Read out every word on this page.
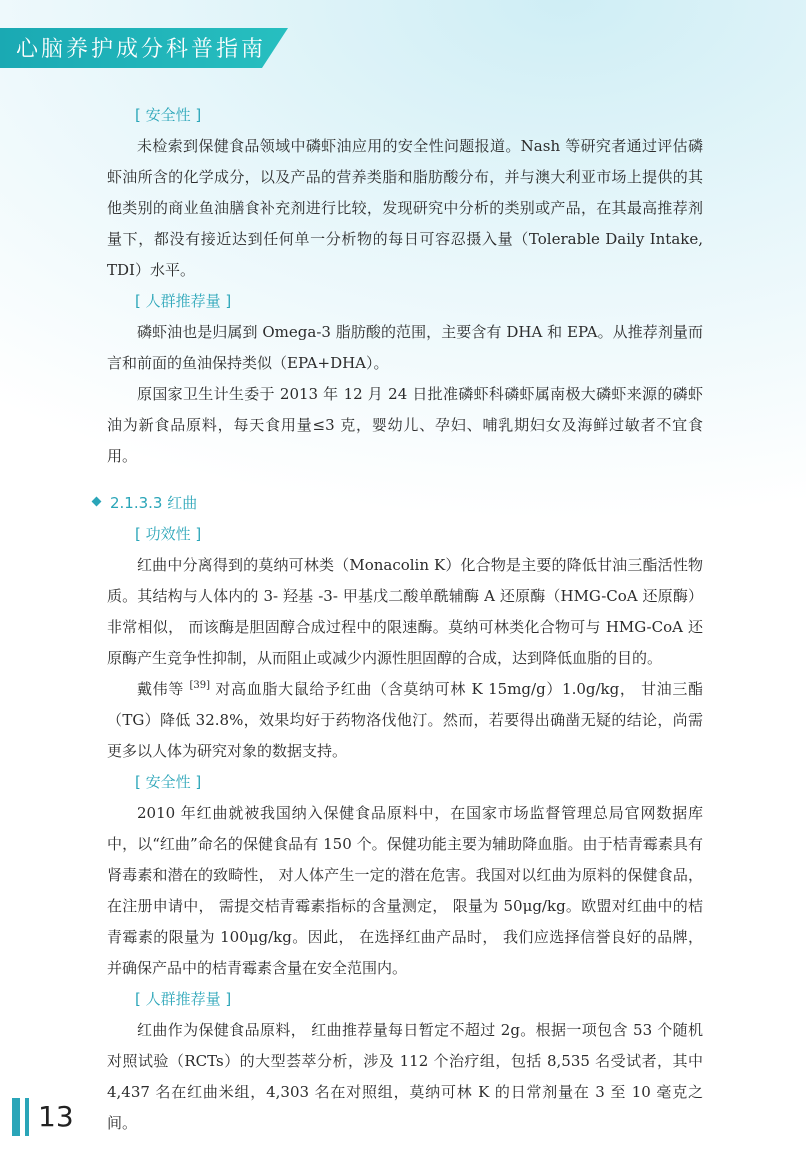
心脑养护成分科普指南
[ 安全性 ]

未检索到保健食品领域中磷虾油应用的安全性问题报道。Nash 等研究者通过评估磷虾油所含的化学成分，以及产品的营养类脂和脂肪酸分布，并与澳大利亚市场上提供的其他类别的商业鱼油膳食补充剂进行比较，发现研究中分析的类别或产品，在其最高推荐剂量下，都没有接近达到任何单一分析物的每日可容忍摄入量（Tolerable Daily Intake, TDI）水平。

[ 人群推荐量 ]

磷虾油也是归属到 Omega-3 脂肪酸的范围，主要含有 DHA 和 EPA。从推荐剂量而言和前面的鱼油保持类似（EPA+DHA）。

原国家卫生计生委于 2013 年 12 月 24 日批准磷虾科磷虾属南极大磷虾来源的磷虾油为新食品原料，每天食用量≤3 克，婴幼儿、孕妇、哺乳期妇女及海鲜过敏者不宜食用。

2.1.3.3 红曲
[ 功效性 ]

红曲中分离得到的莫纳可林类（Monacolin K）化合物是主要的降低甘油三酯活性物质。其结构与人体内的 3- 羟基 -3- 甲基戊二酸单酰辅酶 A 还原酶（HMG-CoA 还原酶）非常相似， 而该酶是胆固醇合成过程中的限速酶。莫纳可林类化合物可与 HMG-CoA 还原酶产生竞争性抑制，从而阻止或减少内源性胆固醇的合成，达到降低血脂的目的。

戴伟等 [39] 对高血脂大鼠给予红曲（含莫纳可林 K 15mg/g）1.0g/kg， 甘油三酯（TG）降低 32.8%，效果均好于药物洛伐他汀。然而，若要得出确凿无疑的结论，尚需更多以人体为研究对象的数据支持。

[ 安全性 ]

2010 年红曲就被我国纳入保健食品原料中，在国家市场监督管理总局官网数据库中，以“红曲”命名的保健食品有 150 个。保健功能主要为辅助降血脂。由于桔青霉素具有肾毒素和潜在的致畸性， 对人体产生一定的潜在危害。我国对以红曲为原料的保健食品， 在注册申请中， 需提交桔青霉素指标的含量测定， 限量为 50μg/kg。欧盟对红曲中的桔青霉素的限量为 100μg/kg。因此， 在选择红曲产品时， 我们应选择信誉良好的品牌， 并确保产品中的桔青霉素含量在安全范围内。

[ 人群推荐量 ]

红曲作为保健食品原料， 红曲推荐量每日暂定不超过 2g。根据一项包含 53 个随机对照试验（RCTs）的大型荟萃分析，涉及 112 个治疗组，包括 8,535 名受试者，其中 4,437 名在红曲米组，4,303 名在对照组，莫纳可林 K 的日常剂量在 3 至 10 毫克之间。

13
